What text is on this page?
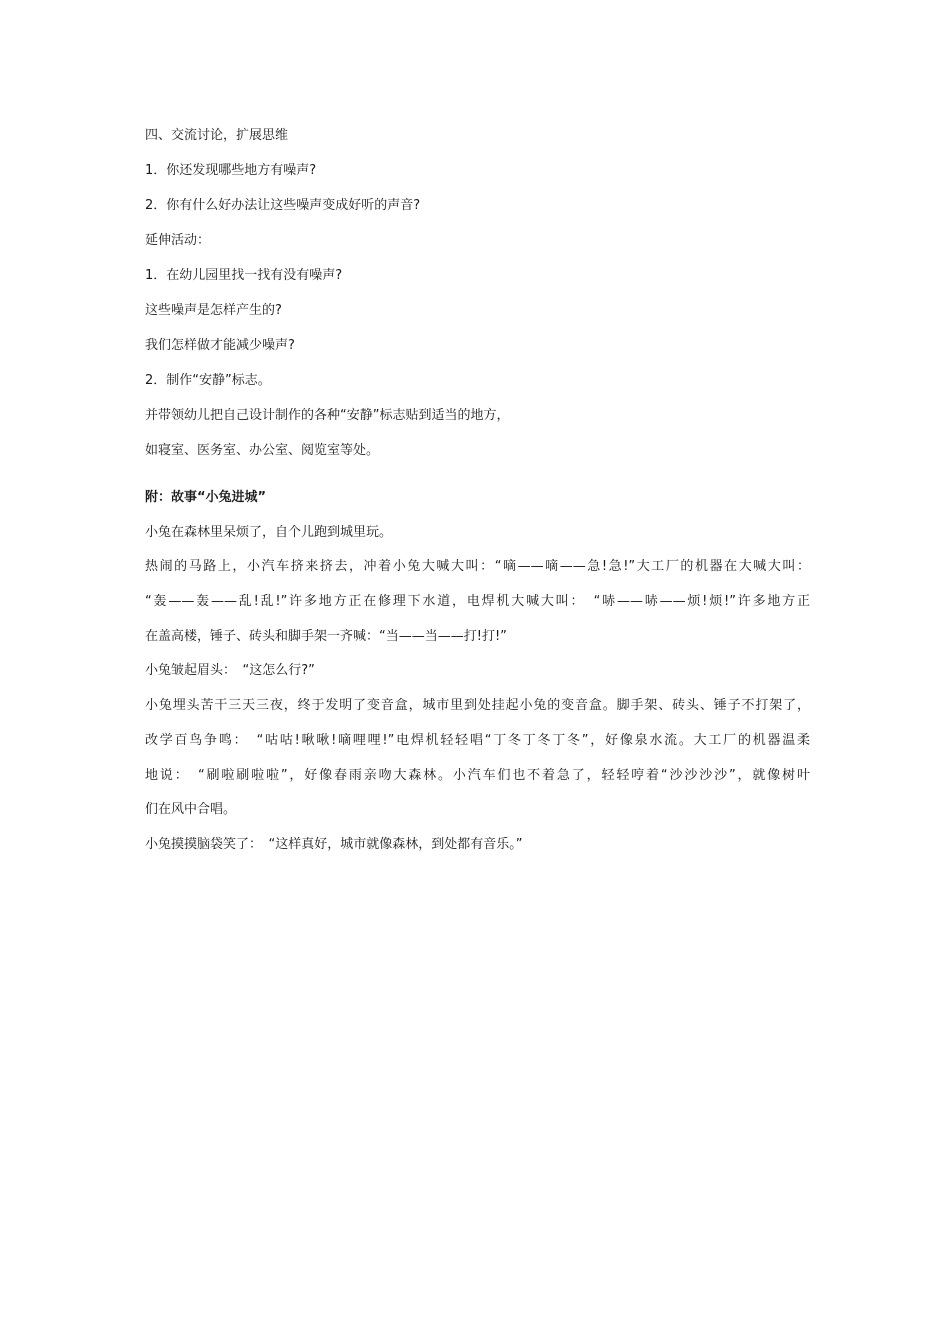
四、交流讨论，扩展思维
1．你还发现哪些地方有噪声?
2．你有什么好办法让这些噪声变成好听的声音?
延伸活动：
1．在幼儿园里找一找有没有噪声?
这些噪声是怎样产生的?
我们怎样做才能减少噪声?
2．制作“安静”标志。
并带领幼儿把自己设计制作的各种“安静”标志贴到适当的地方，
如寝室、医务室、办公室、阅览室等处。
附：故事“小兔进城”
小兔在森林里呆烦了，自个儿跑到城里玩。
热闹的马路上，小汽车挤来挤去，冲着小兔大喊大叫：“嘀——嘀——急!急!”大工厂的机器在大喊大叫：
“轰——轰——乱!乱!”许多地方正在修理下水道，电焊机大喊大叫：　“哧——哧——烦!烦!”许多地方正
在盖高楼，锤子、砖头和脚手架一齐喊：“当——当——打!打!”
小兔皱起眉头：　“这怎么行?”
小兔埋头苦干三天三夜，终于发明了变音盒，城市里到处挂起小兔的变音盒。脚手架、砖头、锤子不打架了，
改学百鸟争鸣：　“咕咕!啾啾!嘀哩哩!”电焊机轻轻唱“丁冬丁冬丁冬”，好像泉水流。大工厂的机器温柔
地说：　“刷啦刷啦啦”，好像春雨亲吻大森林。小汽车们也不着急了，轻轻哼着“沙沙沙沙”，就像树叶
们在风中合唱。
小兔摸摸脑袋笑了：　“这样真好，城市就像森林，到处都有音乐。”
